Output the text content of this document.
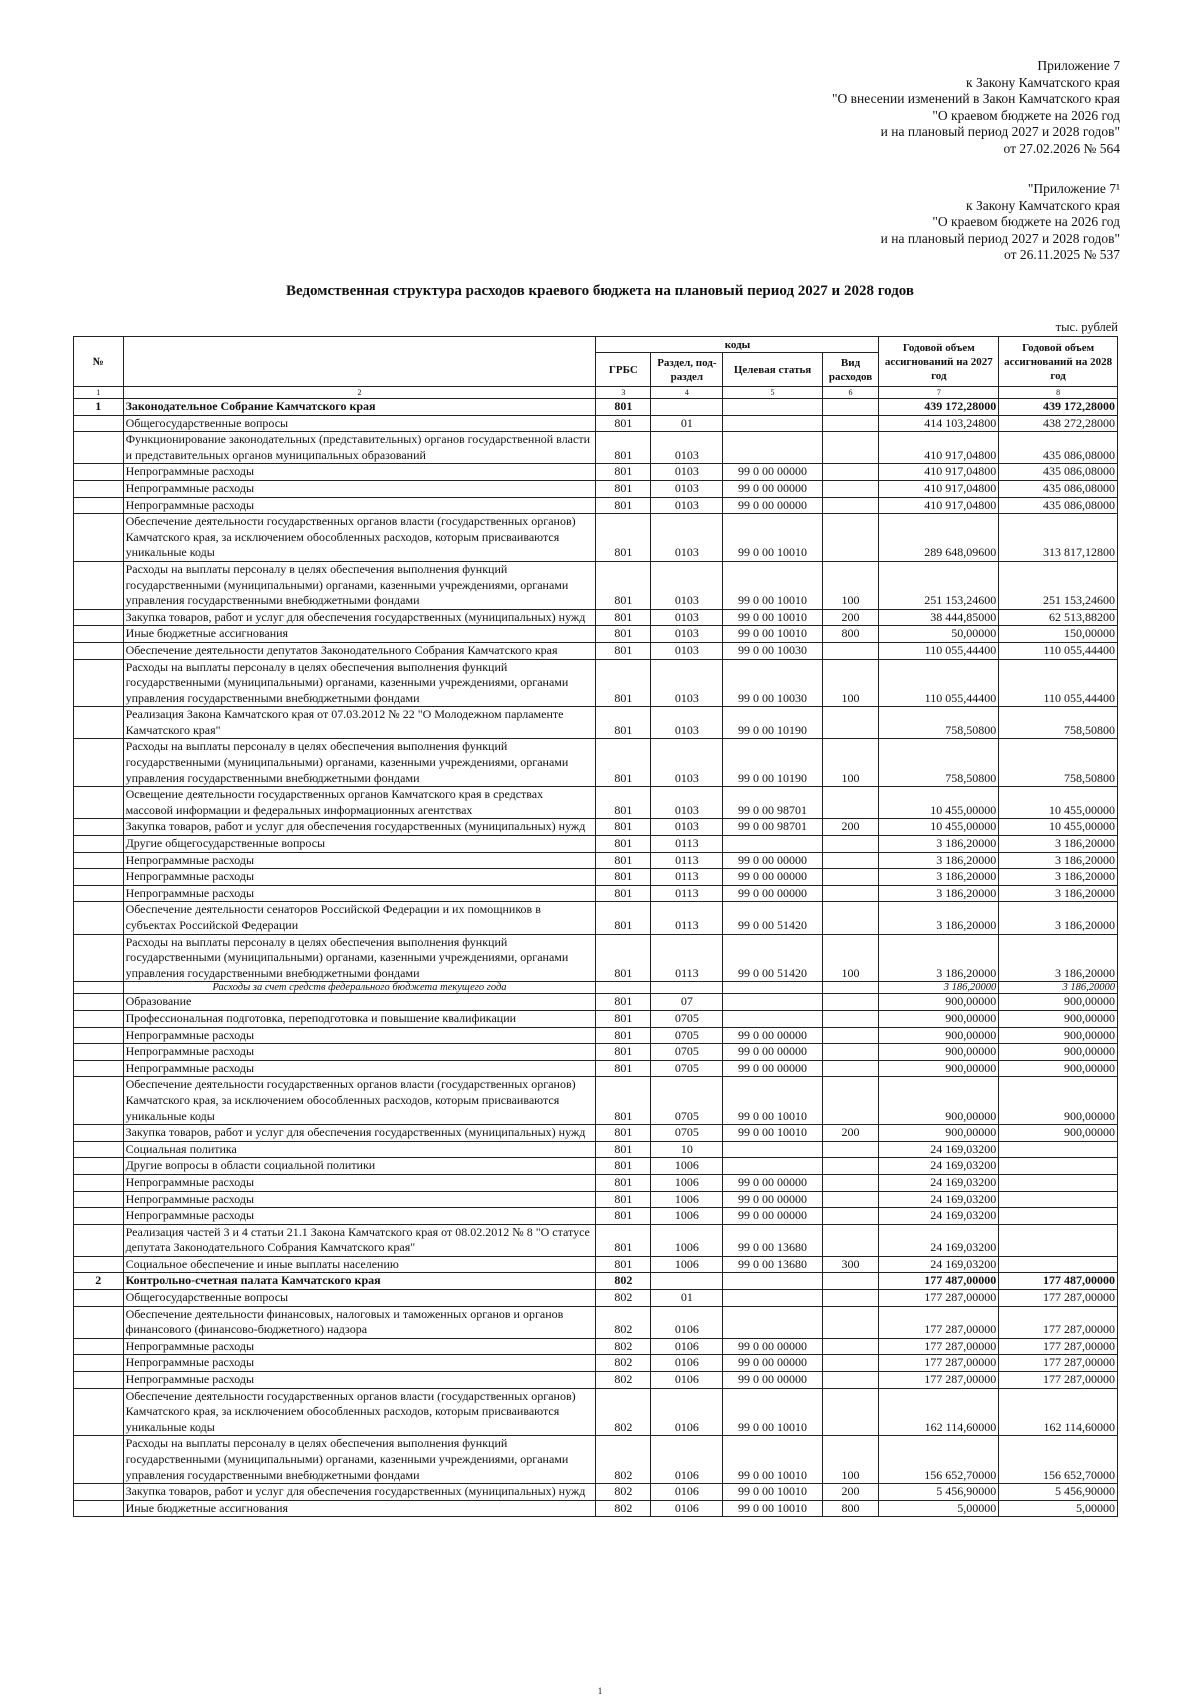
Приложение 7
к Закону Камчатского края
"О внесении изменений в Закон Камчатского края
"О краевом бюджете на 2026 год
и на плановый период 2027 и 2028 годов"
от 27.02.2026 № 564
"Приложение 7¹
к Закону Камчатского края
"О краевом бюджете на 2026 год
и на плановый период 2027 и 2028 годов"
от 26.11.2025 № 537
Ведомственная структура расходов краевого бюджета на плановый период 2027 и 2028 годов
тыс. рублей
№		коды				Годовой объем ассигнований на 2027 год	Годовой объем ассигнований на 2028 год
		ГРБС	Раздел, под-раздел	Целевая статья	Вид расходов		
1	2	3	4	5	6	7	8
1	Законодательное Собрание Камчатского края	801				439 172,28000	439 172,28000
	Общегосударственные вопросы	801	01			414 103,24800	438 272,28000
	Функционирование законодательных (представительных) органов государственной власти и представительных органов муниципальных образований	801	0103			410 917,04800	435 086,08000
	Непрограммные расходы	801	0103	99 0 00 00000		410 917,04800	435 086,08000
	Непрограммные расходы	801	0103	99 0 00 00000		410 917,04800	435 086,08000
	Непрограммные расходы	801	0103	99 0 00 00000		410 917,04800	435 086,08000
	Обеспечение деятельности государственных органов власти (государственных органов) Камчатского края, за исключением обособленных расходов, которым присваиваются уникальные коды	801	0103	99 0 00 10010		289 648,09600	313 817,12800
	Расходы на выплаты персоналу в целях обеспечения выполнения функций государственными (муниципальными) органами, казенными учреждениями, органами управления государственными внебюджетными фондами	801	0103	99 0 00 10010	100	251 153,24600	251 153,24600
	Закупка товаров, работ и услуг для обеспечения государственных (муниципальных) нужд	801	0103	99 0 00 10010	200	38 444,85000	62 513,88200
	Иные бюджетные ассигнования	801	0103	99 0 00 10010	800	50,00000	150,00000
	Обеспечение деятельности депутатов Законодательного Собрания Камчатского края	801	0103	99 0 00 10030		110 055,44400	110 055,44400
	Расходы на выплаты персоналу в целях обеспечения выполнения функций государственными (муниципальными) органами, казенными учреждениями, органами управления государственными внебюджетными фондами	801	0103	99 0 00 10030	100	110 055,44400	110 055,44400
	Реализация Закона Камчатского края от 07.03.2012 № 22 "О Молодежном парламенте Камчатского края"	801	0103	99 0 00 10190		758,50800	758,50800
	Расходы на выплаты персоналу в целях обеспечения выполнения функций государственными (муниципальными) органами, казенными учреждениями, органами управления государственными внебюджетными фондами	801	0103	99 0 00 10190	100	758,50800	758,50800
	Освещение деятельности государственных органов Камчатского края в средствах массовой информации и федеральных информационных агентствах	801	0103	99 0 00 98701		10 455,00000	10 455,00000
	Закупка товаров, работ и услуг для обеспечения государственных (муниципальных) нужд	801	0103	99 0 00 98701	200	10 455,00000	10 455,00000
	Другие общегосударственные вопросы	801	0113			3 186,20000	3 186,20000
	Непрограммные расходы	801	0113	99 0 00 00000		3 186,20000	3 186,20000
	Непрограммные расходы	801	0113	99 0 00 00000		3 186,20000	3 186,20000
	Непрограммные расходы	801	0113	99 0 00 00000		3 186,20000	3 186,20000
	Обеспечение деятельности сенаторов Российской Федерации и их помощников в субъектах Российской Федерации	801	0113	99 0 00 51420		3 186,20000	3 186,20000
	Расходы на выплаты персоналу в целях обеспечения выполнения функций государственными (муниципальными) органами, казенными учреждениями, органами управления государственными внебюджетными фондами	801	0113	99 0 00 51420	100	3 186,20000	3 186,20000
	Расходы за счет средств федерального бюджета текущего года					3 186,20000	3 186,20000
	Образование	801	07			900,00000	900,00000
	Профессиональная подготовка, переподготовка и повышение квалификации	801	0705			900,00000	900,00000
	Непрограммные расходы	801	0705	99 0 00 00000		900,00000	900,00000
	Непрограммные расходы	801	0705	99 0 00 00000		900,00000	900,00000
	Непрограммные расходы	801	0705	99 0 00 00000		900,00000	900,00000
	Обеспечение деятельности государственных органов власти (государственных органов) Камчатского края, за исключением обособленных расходов, которым присваиваются уникальные коды	801	0705	99 0 00 10010		900,00000	900,00000
	Закупка товаров, работ и услуг для обеспечения государственных (муниципальных) нужд	801	0705	99 0 00 10010	200	900,00000	900,00000
	Социальная политика	801	10			24 169,03200	
	Другие вопросы в области социальной политики	801	1006			24 169,03200	
	Непрограммные расходы	801	1006	99 0 00 00000		24 169,03200	
	Непрограммные расходы	801	1006	99 0 00 00000		24 169,03200	
	Непрограммные расходы	801	1006	99 0 00 00000		24 169,03200	
	Реализация частей 3 и 4 статьи 21.1 Закона Камчатского края от 08.02.2012 № 8 "О статусе депутата Законодательного Собрания Камчатского края"	801	1006	99 0 00 13680		24 169,03200	
	Социальное обеспечение и иные выплаты населению	801	1006	99 0 00 13680	300	24 169,03200	
2	Контрольно-счетная палата Камчатского края	802				177 487,00000	177 487,00000
	Общегосударственные вопросы	802	01			177 287,00000	177 287,00000
	Обеспечение деятельности финансовых, налоговых и таможенных органов и органов финансового (финансово-бюджетного) надзора	802	0106			177 287,00000	177 287,00000
	Непрограммные расходы	802	0106	99 0 00 00000		177 287,00000	177 287,00000
	Непрограммные расходы	802	0106	99 0 00 00000		177 287,00000	177 287,00000
	Непрограммные расходы	802	0106	99 0 00 00000		177 287,00000	177 287,00000
	Обеспечение деятельности государственных органов власти (государственных органов) Камчатского края, за исключением обособленных расходов, которым присваиваются уникальные коды	802	0106	99 0 00 10010		162 114,60000	162 114,60000
	Расходы на выплаты персоналу в целях обеспечения выполнения функций государственными (муниципальными) органами, казенными учреждениями, органами управления государственными внебюджетными фондами	802	0106	99 0 00 10010	100	156 652,70000	156 652,70000
	Закупка товаров, работ и услуг для обеспечения государственных (муниципальных) нужд	802	0106	99 0 00 10010	200	5 456,90000	5 456,90000
	Иные бюджетные ассигнования	802	0106	99 0 00 10010	800	5,00000	5,00000
1
